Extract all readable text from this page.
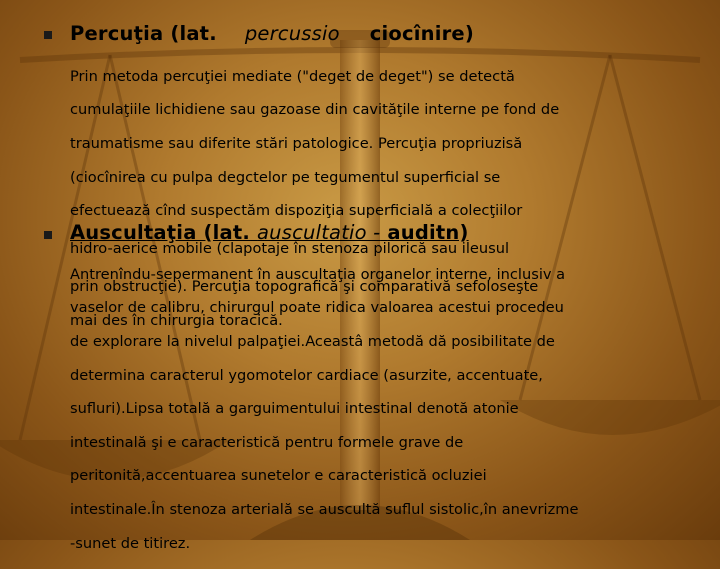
Percuţia (lat. percussio ciocînire)

Prin metoda percuţiei mediate ("deget de deget") se detectă

cumulaţiile lichidiene sau gazoase din cavităţile interne pe fond de

traumatisme sau diferite stări patologice. Percuţia propriuzisă

(ciocînirea cu pulpa degctelor pe tegumentul superficial se

efectuează cînd suspectăm dispoziţia superficială a colecţiilor

hidro-aerice mobile (clapotaje în stenoza pilorică sau ileusul

prin obstrucţie). Percuţia topografică şi comparativă sefoloseşte

mai des în chirurgia toracică.

Auscultaţia (lat. auscultatio - auditn)

Antrenîndu-sepermanent în auscultaţia organelor interne, inclusiv a

vaselor de calibru, chirurgul poate ridica valoarea acestui procedeu

de explorare la nivelul palpaţiei.Aceastâ metodă dă posibilitate de

determina caracterul ygomotelor cardiace (asurzite, accentuate,

sufluri).Lipsa totală a garguimentului intestinal denotă atonie

intestinală şi e caracteristică pentru formele grave de

peritonită,accentuarea sunetelor e caracteristică ocluziei

intestinale.În stenoza arterială se auscultă suflul sistolic,în anevrizme

-sunet de titirez.
